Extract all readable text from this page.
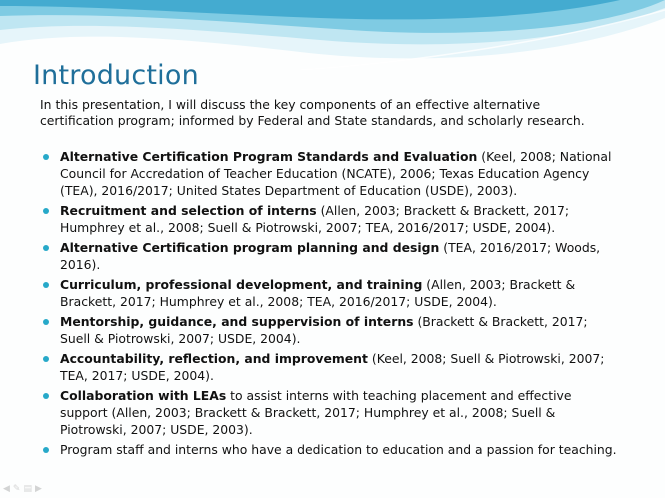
Introduction

In this presentation, I will discuss the key components of an effective alternative certification program; informed by Federal and State standards, and scholarly research.

Alternative Certification Program Standards and Evaluation (Keel, 2008; National Council for Accredation of Teacher Education (NCATE), 2006; Texas Education Agency (TEA), 2016/2017; United States Department of Education (USDE), 2003).
Recruitment and selection of interns (Allen, 2003; Brackett & Brackett, 2017; Humphrey et al., 2008; Suell & Piotrowski, 2007; TEA, 2016/2017; USDE, 2004).
Alternative Certification program planning and design (TEA, 2016/2017; Woods, 2016).
Curriculum, professional development, and training (Allen, 2003; Brackett & Brackett, 2017; Humphrey et al., 2008; TEA, 2016/2017; USDE, 2004).
Mentorship, guidance, and suppervision of interns (Brackett & Brackett, 2017; Suell & Piotrowski, 2007; USDE, 2004).
Accountability, reflection, and improvement (Keel, 2008; Suell & Piotrowski, 2007; TEA, 2017; USDE, 2004).
Collaboration with LEAs to assist interns with teaching placement and effective support (Allen, 2003; Brackett & Brackett, 2017; Humphrey et al., 2008; Suell & Piotrowski, 2007; USDE, 2003).
Program staff and interns who have a dedication to education and a passion for teaching.
◀ ✎ ▤ ▶
